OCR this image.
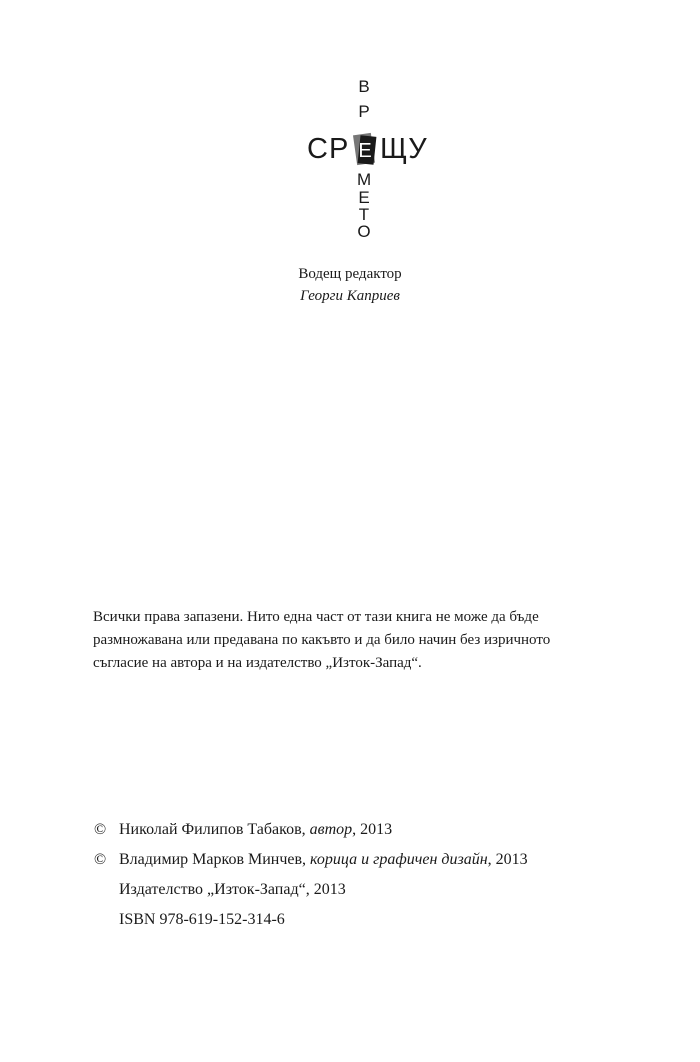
В
Р
СР Е ЩУ
М
Е
Т
О
Водещ редактор
Георги Каприев

Всички права запазени. Нито една част от тази книга не може да бъде

размножавана или предавана по какъвто и да било начин без изричното

съгласие на автора и на издателство „Изток-Запад“.

© Николай Филипов Табаков, автор, 2013
© Владимир Марков Минчев, корица и графичен дизайн, 2013
Издателство „Изток-Запад“, 2013
ISBN 978-619-152-314-6
